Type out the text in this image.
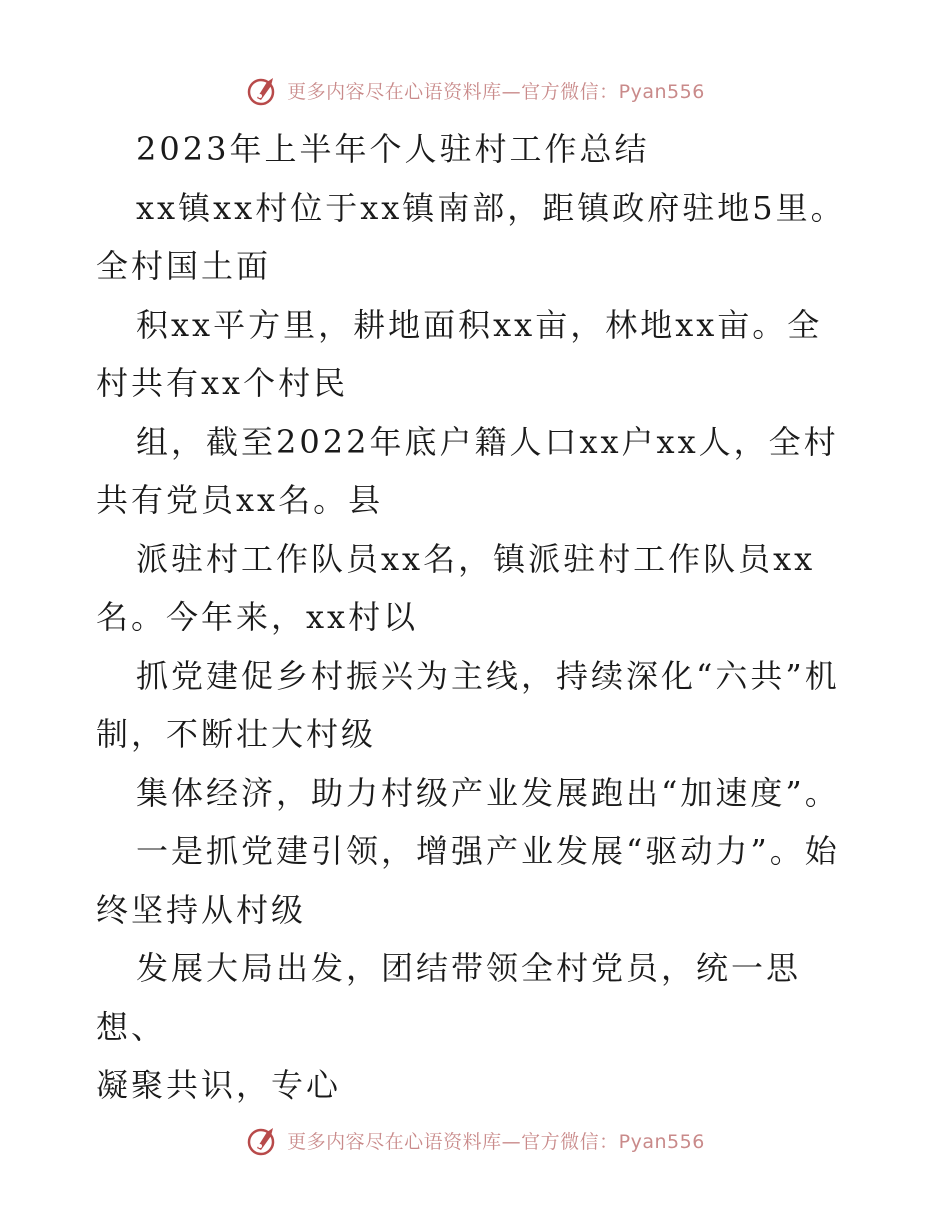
更多内容尽在心语资料库—官方微信：Pyan556

2023年上半年个人驻村工作总结

xx镇xx村位于xx镇南部，距镇政府驻地5里。
全村国土面

积xx平方里，耕地面积xx亩，林地xx亩。全
村共有xx个村民

组，截至2022年底户籍人口xx户xx人，全村
共有党员xx名。县

派驻村工作队员xx名，镇派驻村工作队员xx
名。今年来，xx村以

抓党建促乡村振兴为主线，持续深化“六共”机
制，不断壮大村级

集体经济，助力村级产业发展跑出“加速度”。

一是抓党建引领，增强产业发展“驱动力”。始
终坚持从村级

发展大局出发，团结带领全村党员，统一思想、
凝聚共识，专心

更多内容尽在心语资料库—官方微信：Pyan556
